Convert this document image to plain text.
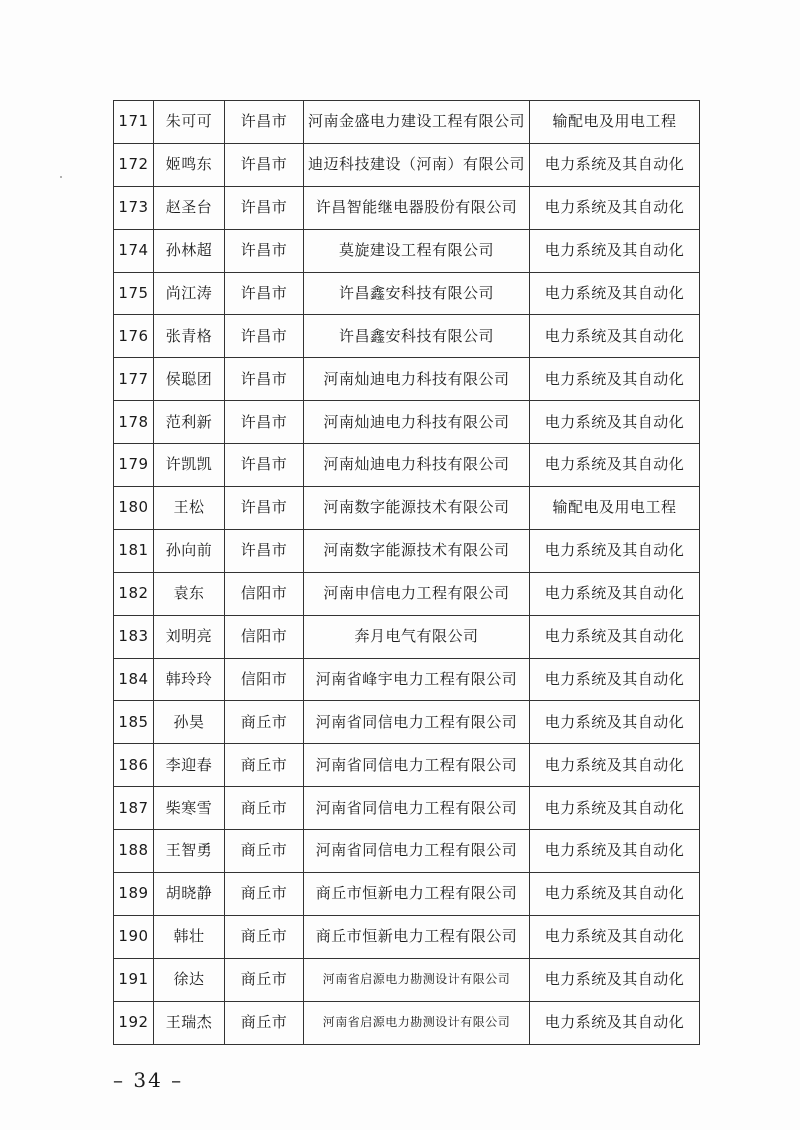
171	朱可可	许昌市	河南金盛电力建设工程有限公司	输配电及用电工程
172	姬鸣东	许昌市	迪迈科技建设（河南）有限公司	电力系统及其自动化
173	赵圣台	许昌市	许昌智能继电器股份有限公司	电力系统及其自动化
174	孙林超	许昌市	莫旋建设工程有限公司	电力系统及其自动化
175	尚江涛	许昌市	许昌鑫安科技有限公司	电力系统及其自动化
176	张青格	许昌市	许昌鑫安科技有限公司	电力系统及其自动化
177	侯聪团	许昌市	河南灿迪电力科技有限公司	电力系统及其自动化
178	范利新	许昌市	河南灿迪电力科技有限公司	电力系统及其自动化
179	许凯凯	许昌市	河南灿迪电力科技有限公司	电力系统及其自动化
180	王松	许昌市	河南数字能源技术有限公司	输配电及用电工程
181	孙向前	许昌市	河南数字能源技术有限公司	电力系统及其自动化
182	袁东	信阳市	河南申信电力工程有限公司	电力系统及其自动化
183	刘明亮	信阳市	奔月电气有限公司	电力系统及其自动化
184	韩玲玲	信阳市	河南省峰宇电力工程有限公司	电力系统及其自动化
185	孙昊	商丘市	河南省同信电力工程有限公司	电力系统及其自动化
186	李迎春	商丘市	河南省同信电力工程有限公司	电力系统及其自动化
187	柴寒雪	商丘市	河南省同信电力工程有限公司	电力系统及其自动化
188	王智勇	商丘市	河南省同信电力工程有限公司	电力系统及其自动化
189	胡晓静	商丘市	商丘市恒新电力工程有限公司	电力系统及其自动化
190	韩壮	商丘市	商丘市恒新电力工程有限公司	电力系统及其自动化
191	徐达	商丘市	河南省启源电力勘测设计有限公司	电力系统及其自动化
192	王瑞杰	商丘市	河南省启源电力勘测设计有限公司	电力系统及其自动化
– 34 –
